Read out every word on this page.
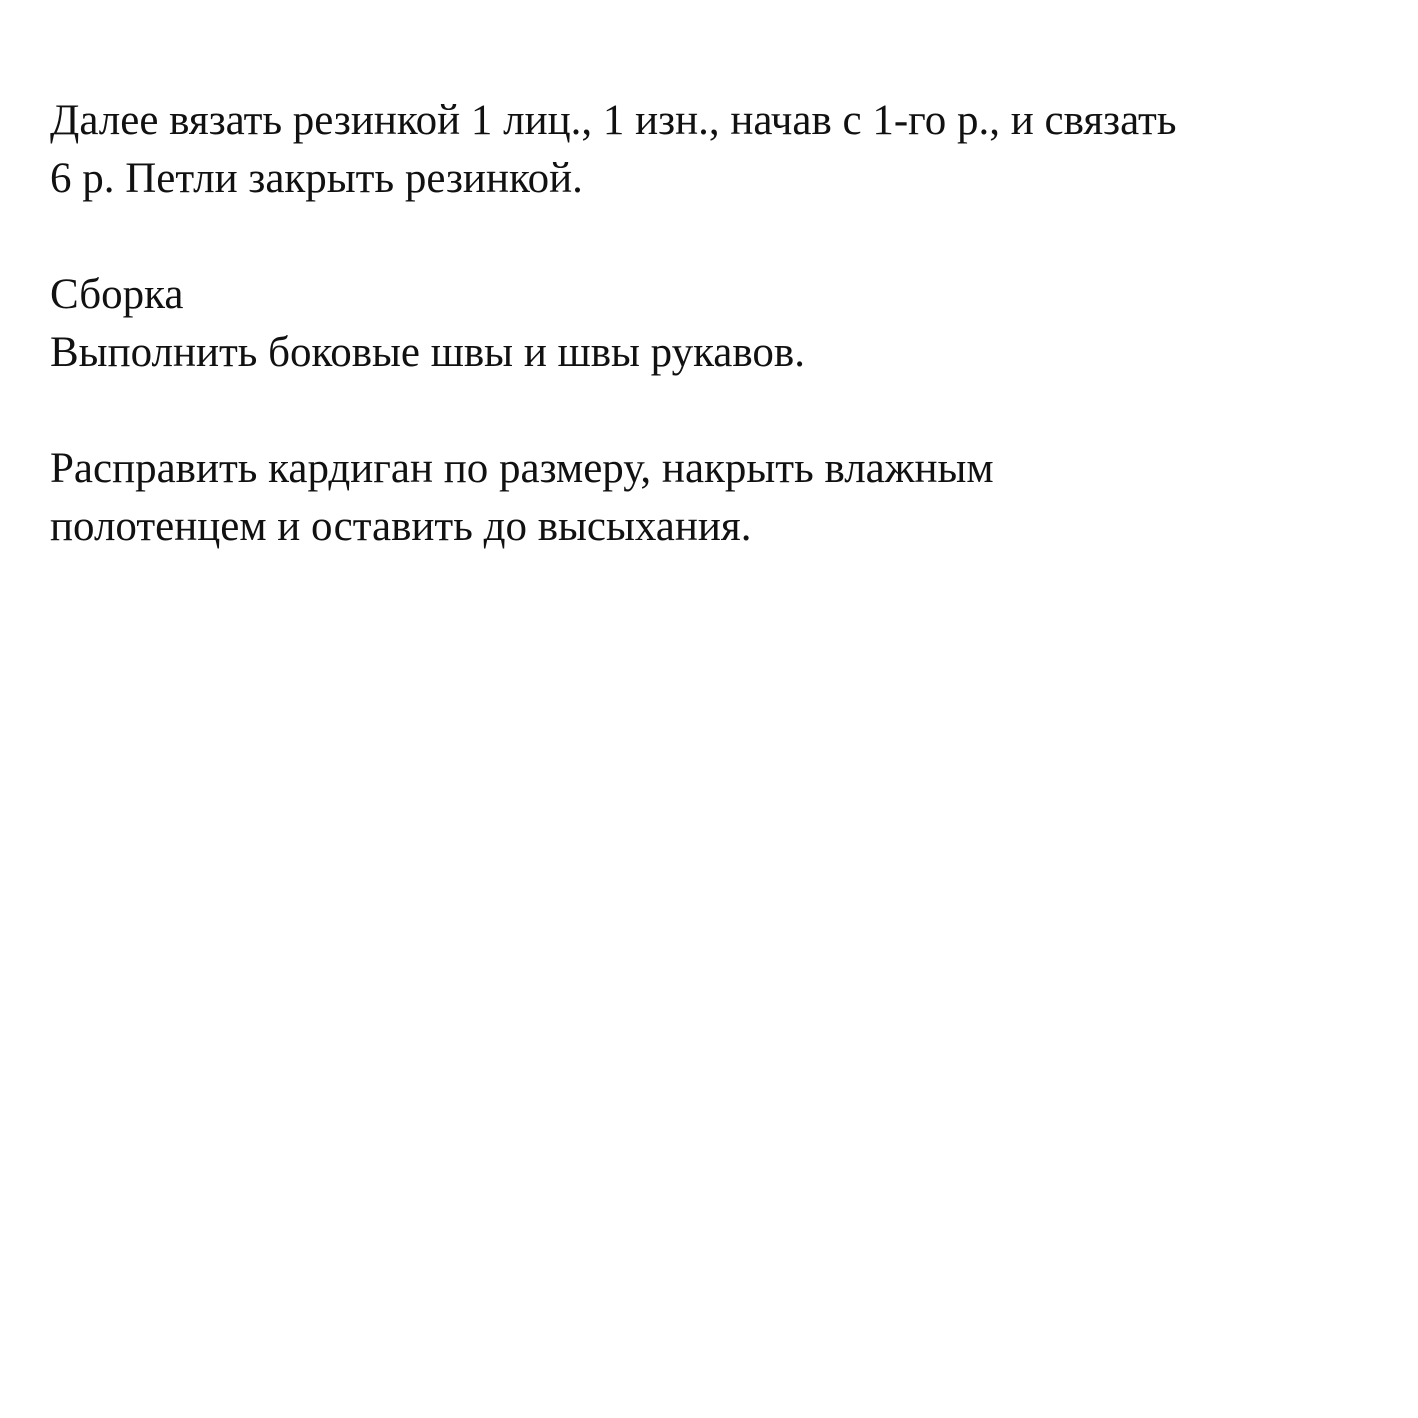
Далее вязать резинкой 1 лиц., 1 изн., начав с 1-го р., и связать
6 р. Петли закрыть резинкой.

Сборка
Выполнить боковые швы и швы рукавов.

Расправить кардиган по размеру, накрыть влажным
полотенцем и оставить до высыхания.
